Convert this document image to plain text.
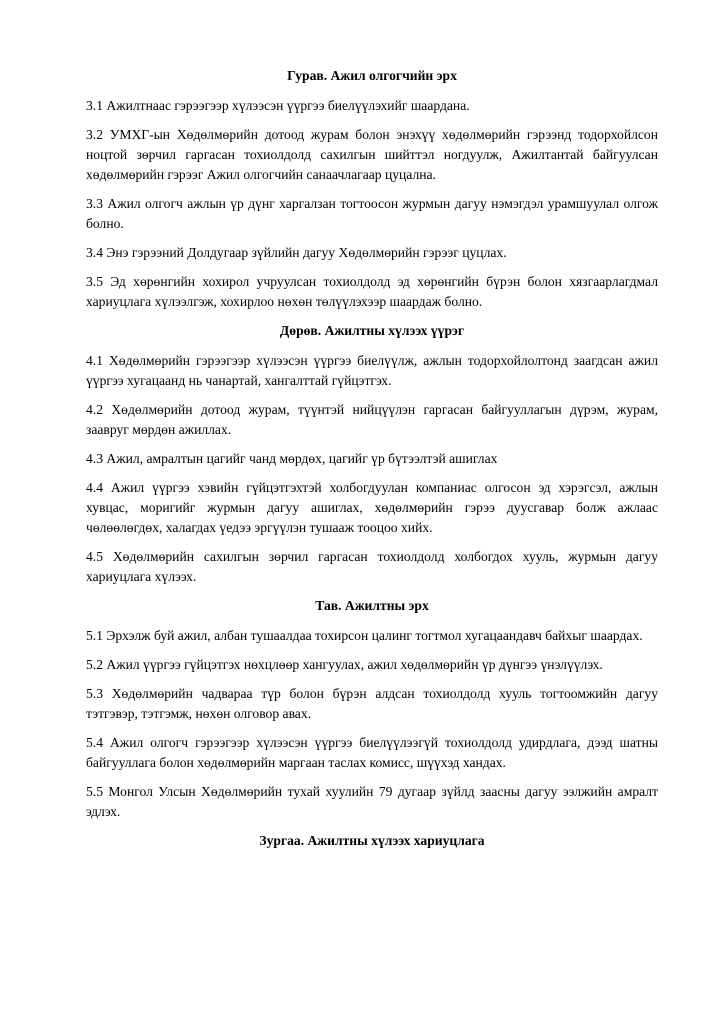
Гурав. Ажил олгогчийн эрх
3.1 Ажилтнаас гэрээгээр хүлээсэн үүргээ биелүүлэхийг шаардана.
3.2 УМХГ-ын Хөдөлмөрийн дотоод журам болон энэхүү хөдөлмөрийн гэрээнд тодорхойлсон ноцтой зөрчил гаргасан тохиолдолд сахилгын шийттэл ногдуулж, Ажилтантай байгуулсан хөдөлмөрийн гэрээг Ажил олгогчийн санаачлагаар цуцална.
3.3 Ажил олгогч ажлын үр дүнг харгалзан тогтоосон журмын дагуу нэмэгдэл урамшуулал олгож болно.
3.4 Энэ гэрээний Долдугаар зүйлийн дагуу Хөдөлмөрийн гэрээг цуцлах.
3.5 Эд хөрөнгийн хохирол учруулсан тохиолдолд эд хөрөнгийн бүрэн болон хязгаарлагдмал хариуцлага хүлээлгэж, хохирлоо нөхөн төлүүлэхээр шаардаж болно.
Дөрөв. Ажилтны хүлээх үүрэг
4.1 Хөдөлмөрийн гэрээгээр хүлээсэн үүргээ биелүүлж, ажлын тодорхойлолтонд заагдсан ажил үүргээ хугацаанд нь чанартай, хангалттай гүйцэтгэх.
4.2 Хөдөлмөрийн дотоод журам, түүнтэй нийцүүлэн гаргасан байгууллагын дүрэм, журам, заавруг мөрдөн ажиллах.
4.3 Ажил, амралтын цагийг чанд мөрдөх, цагийг үр бүтээлтэй ашиглах
4.4 Ажил үүргээ хэвийн гүйцэтгэхтэй холбогдуулан компаниас олгосон эд хэрэгсэл, ажлын хувцас, моригийг журмын дагуу ашиглах, хөдөлмөрийн гэрээ дуусгавар болж ажлаас чөлөөлөгдөх, халагдах үедээ эргүүлэн тушааж тооцоо хийх.
4.5 Хөдөлмөрийн сахилгын зөрчил гаргасан тохиолдолд холбогдох хууль, журмын дагуу хариуцлага хүлээх.
Тав. Ажилтны эрх
5.1 Эрхэлж буй ажил, албан тушаалдаа тохирсон цалинг тогтмол хугацаандавч байхыг шаардах.
5.2 Ажил үүргээ гүйцэтгэх нөхцлөөр хангуулах, ажил хөдөлмөрийн үр дүнгээ үнэлүүлэх.
5.3 Хөдөлмөрийн чадвараа түр болон бүрэн алдсан тохиолдолд хууль тогтоомжийн дагуу тэтгэвэр, тэтгэмж, нөхөн олговор авах.
5.4 Ажил олгогч гэрээгээр хүлээсэн үүргээ биелүүлээгүй тохиолдолд удирдлага, дээд шатны байгууллага болон хөдөлмөрийн маргаан таслах комисс, шүүхэд хандах.
5.5 Монгол Улсын Хөдөлмөрийн тухай хуулийн 79 дугаар зүйлд заасны дагуу ээлжийн амралт эдлэх.
Зургаа. Ажилтны хүлээх хариуцлага
